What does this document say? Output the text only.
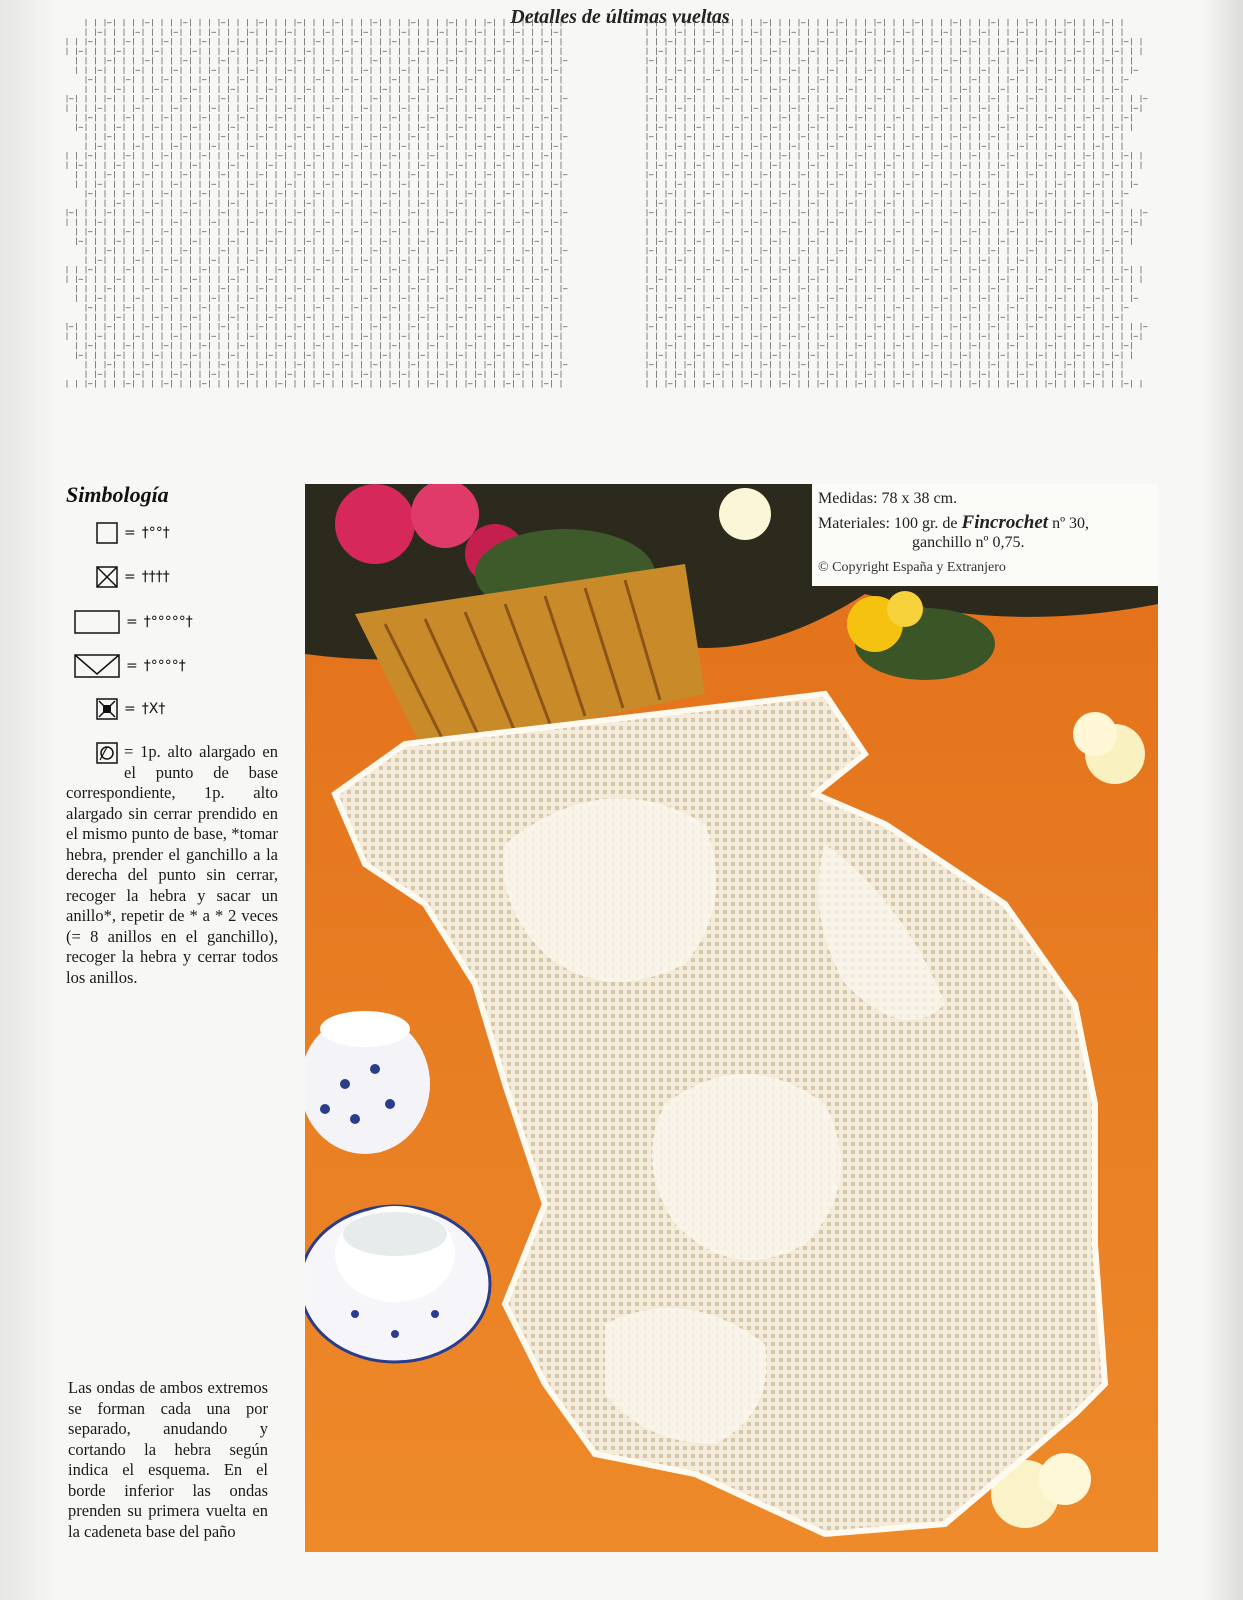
Detalles de últimas vueltas
Simbología
= †°°†
= ††††
= †°°°°°†
= †°°°°†
= †X†
= 1p. alto alargado en el punto de base correspondiente, 1p. alto alargado sin cerrar prendido en el mismo punto de base, *tomar hebra, prender el ganchillo a la derecha del punto sin cerrar, recoger la hebra y sacar un anillo*, repetir de * a * 2 veces (= 8 anillos en el ganchillo), recoger la hebra y cerrar todos los anillos.
Las ondas de ambos extremos se forman cada una por separado, anudando y cortando la hebra según indica el esquema. En el borde inferior las ondas prenden su primera vuelta en la cadeneta base del paño
Medidas: 78 x 38 cm.
Materiales: 100 gr. de Fincrochet nº 30,
ganchillo nº 0,75.
© Copyright España y Extranjero
